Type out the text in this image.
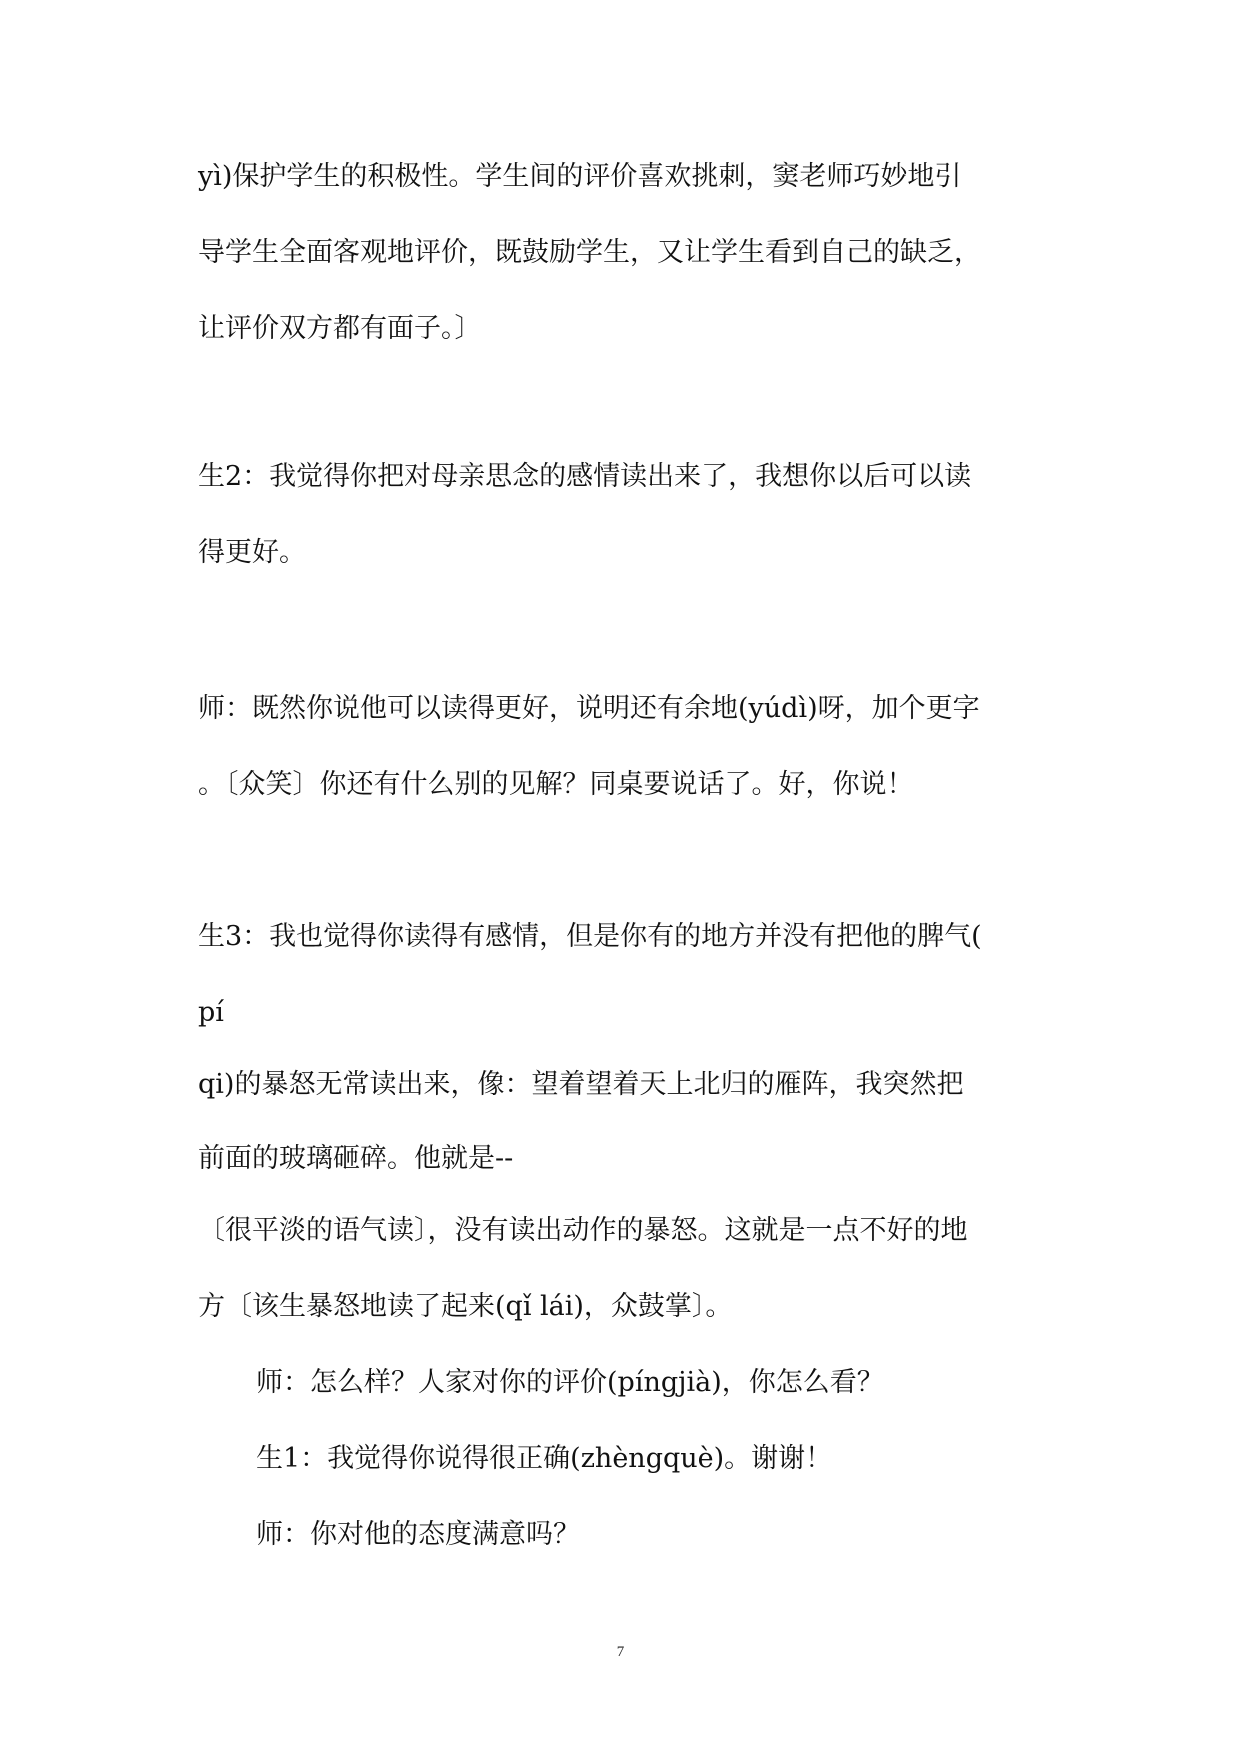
yì)保护学生的积极性。学生间的评价喜欢挑刺，窦老师巧妙地引
导学生全面客观地评价，既鼓励学生，又让学生看到自己的缺乏，
让评价双方都有面子。〕
生2：我觉得你把对母亲思念的感情读出来了，我想你以后可以读
得更好。
师：既然你说他可以读得更好，说明还有余地(yúdì)呀，加个更字
。〔众笑〕你还有什么别的见解？同桌要说话了。好，你说！
生3：我也觉得你读得有感情，但是你有的地方并没有把他的脾气(
pí
qi)的暴怒无常读出来，像：望着望着天上北归的雁阵，我突然把
前面的玻璃砸碎。他就是--
〔很平淡的语气读〕，没有读出动作的暴怒。这就是一点不好的地
方〔该生暴怒地读了起来(qǐ lái)，众鼓掌〕。
师：怎么样？人家对你的评价(píngjià)，你怎么看？
生1：我觉得你说得很正确(zhèngquè)。谢谢！
师：你对他的态度满意吗？
7
